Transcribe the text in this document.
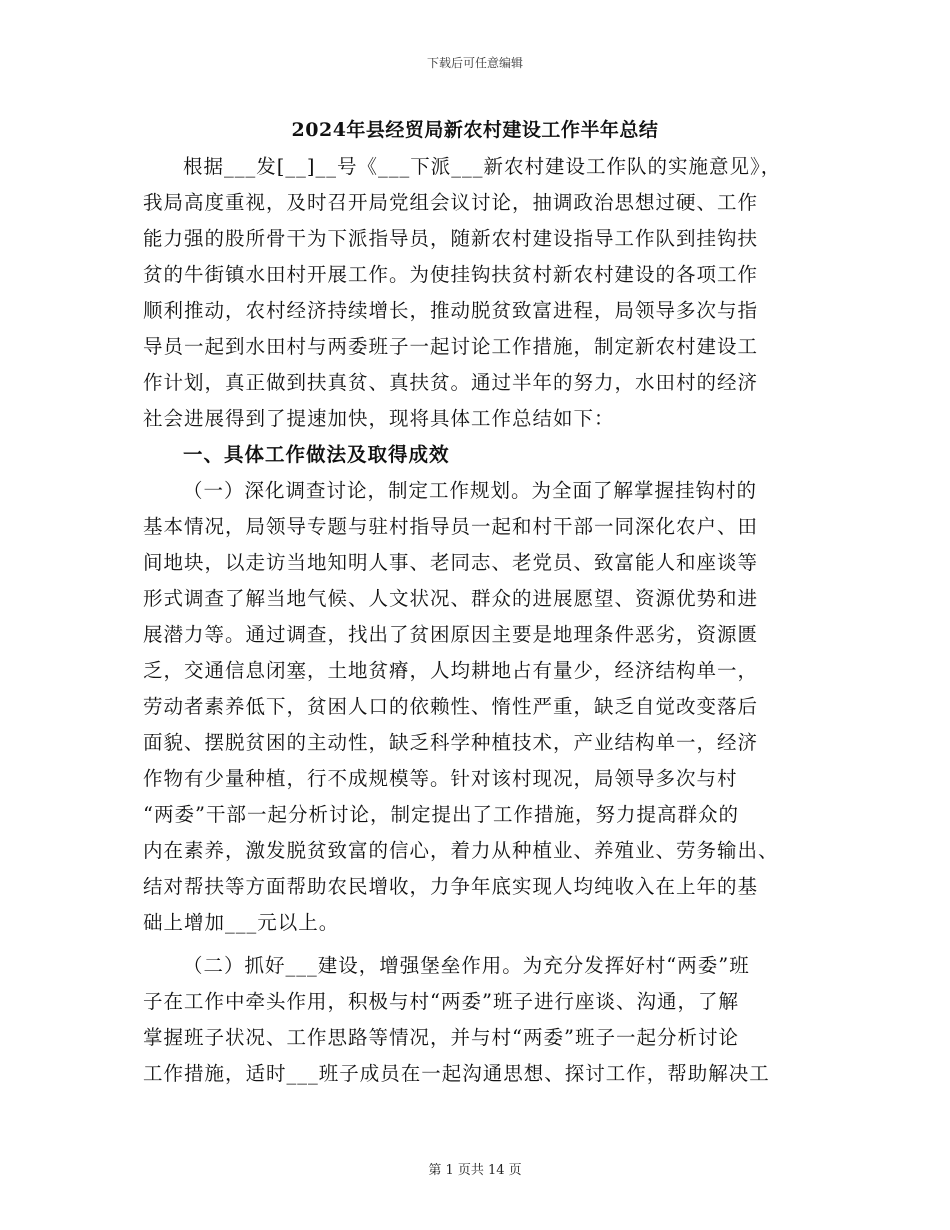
下载后可任意编辑
2024年县经贸局新农村建设工作半年总结
根据___发[__]__号《___下派___新农村建设工作队的实施意见》，
我局高度重视，及时召开局党组会议讨论，抽调政治思想过硬、工作
能力强的股所骨干为下派指导员，随新农村建设指导工作队到挂钩扶
贫的牛街镇水田村开展工作。为使挂钩扶贫村新农村建设的各项工作
顺利推动，农村经济持续增长，推动脱贫致富进程，局领导多次与指
导员一起到水田村与两委班子一起讨论工作措施，制定新农村建设工
作计划，真正做到扶真贫、真扶贫。通过半年的努力，水田村的经济
社会进展得到了提速加快，现将具体工作总结如下：
一、具体工作做法及取得成效
（一）深化调查讨论，制定工作规划。为全面了解掌握挂钩村的
基本情况，局领导专题与驻村指导员一起和村干部一同深化农户、田
间地块，以走访当地知明人事、老同志、老党员、致富能人和座谈等
形式调查了解当地气候、人文状况、群众的进展愿望、资源优势和进
展潜力等。通过调查，找出了贫困原因主要是地理条件恶劣，资源匮
乏，交通信息闭塞，土地贫瘠，人均耕地占有量少，经济结构单一，
劳动者素养低下，贫困人口的依赖性、惰性严重，缺乏自觉改变落后
面貌、摆脱贫困的主动性，缺乏科学种植技术，产业结构单一，经济
作物有少量种植，行不成规模等。针对该村现况，局领导多次与村
“两委”干部一起分析讨论，制定提出了工作措施，努力提高群众的
内在素养，激发脱贫致富的信心，着力从种植业、养殖业、劳务输出、
结对帮扶等方面帮助农民增收，力争年底实现人均纯收入在上年的基
础上增加___元以上。
（二）抓好___建设，增强堡垒作用。为充分发挥好村“两委”班
子在工作中牵头作用，积极与村“两委”班子进行座谈、沟通，了解
掌握班子状况、工作思路等情况，并与村“两委”班子一起分析讨论
工作措施，适时___班子成员在一起沟通思想、探讨工作，帮助解决工
第 1 页共 14 页
